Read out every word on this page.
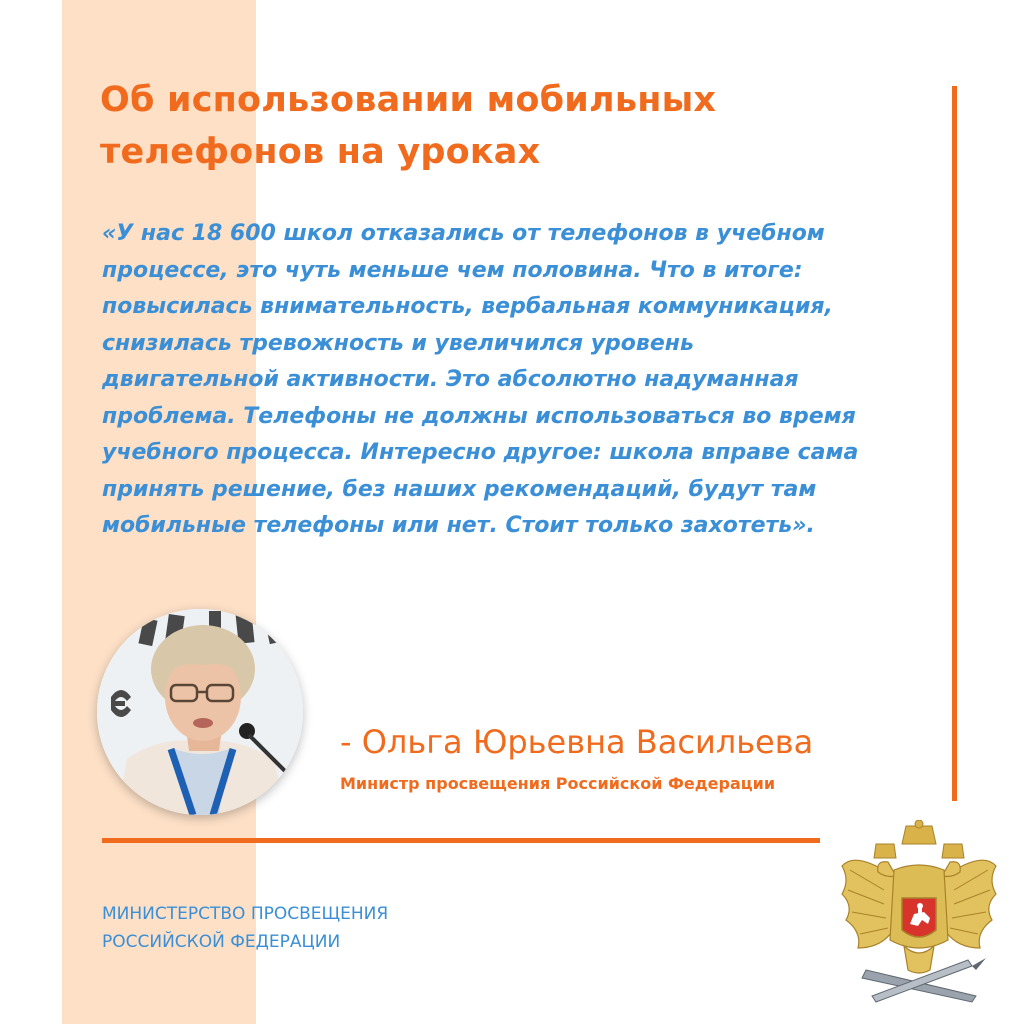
Об использовании мобильных
телефонов на уроках
«У нас 18 600 школ отказались от телефонов в учебном
процессе, это чуть меньше чем половина. Что в итоге:
повысилась внимательность, вербальная коммуникация,
снизилась тревожность и увеличился уровень
двигательной активности. Это абсолютно надуманная
проблема. Телефоны не должны использоваться во время
учебного процесса. Интересно другое: школа вправе сама
принять решение, без наших рекомендаций, будут там
мобильные телефоны или нет. Стоит только захотеть».
- Ольга Юрьевна Васильева
Министр просвещения Российской Федерации
МИНИСТЕРСТВО ПРОСВЕЩЕНИЯ
РОССИЙСКОЙ ФЕДЕРАЦИИ
